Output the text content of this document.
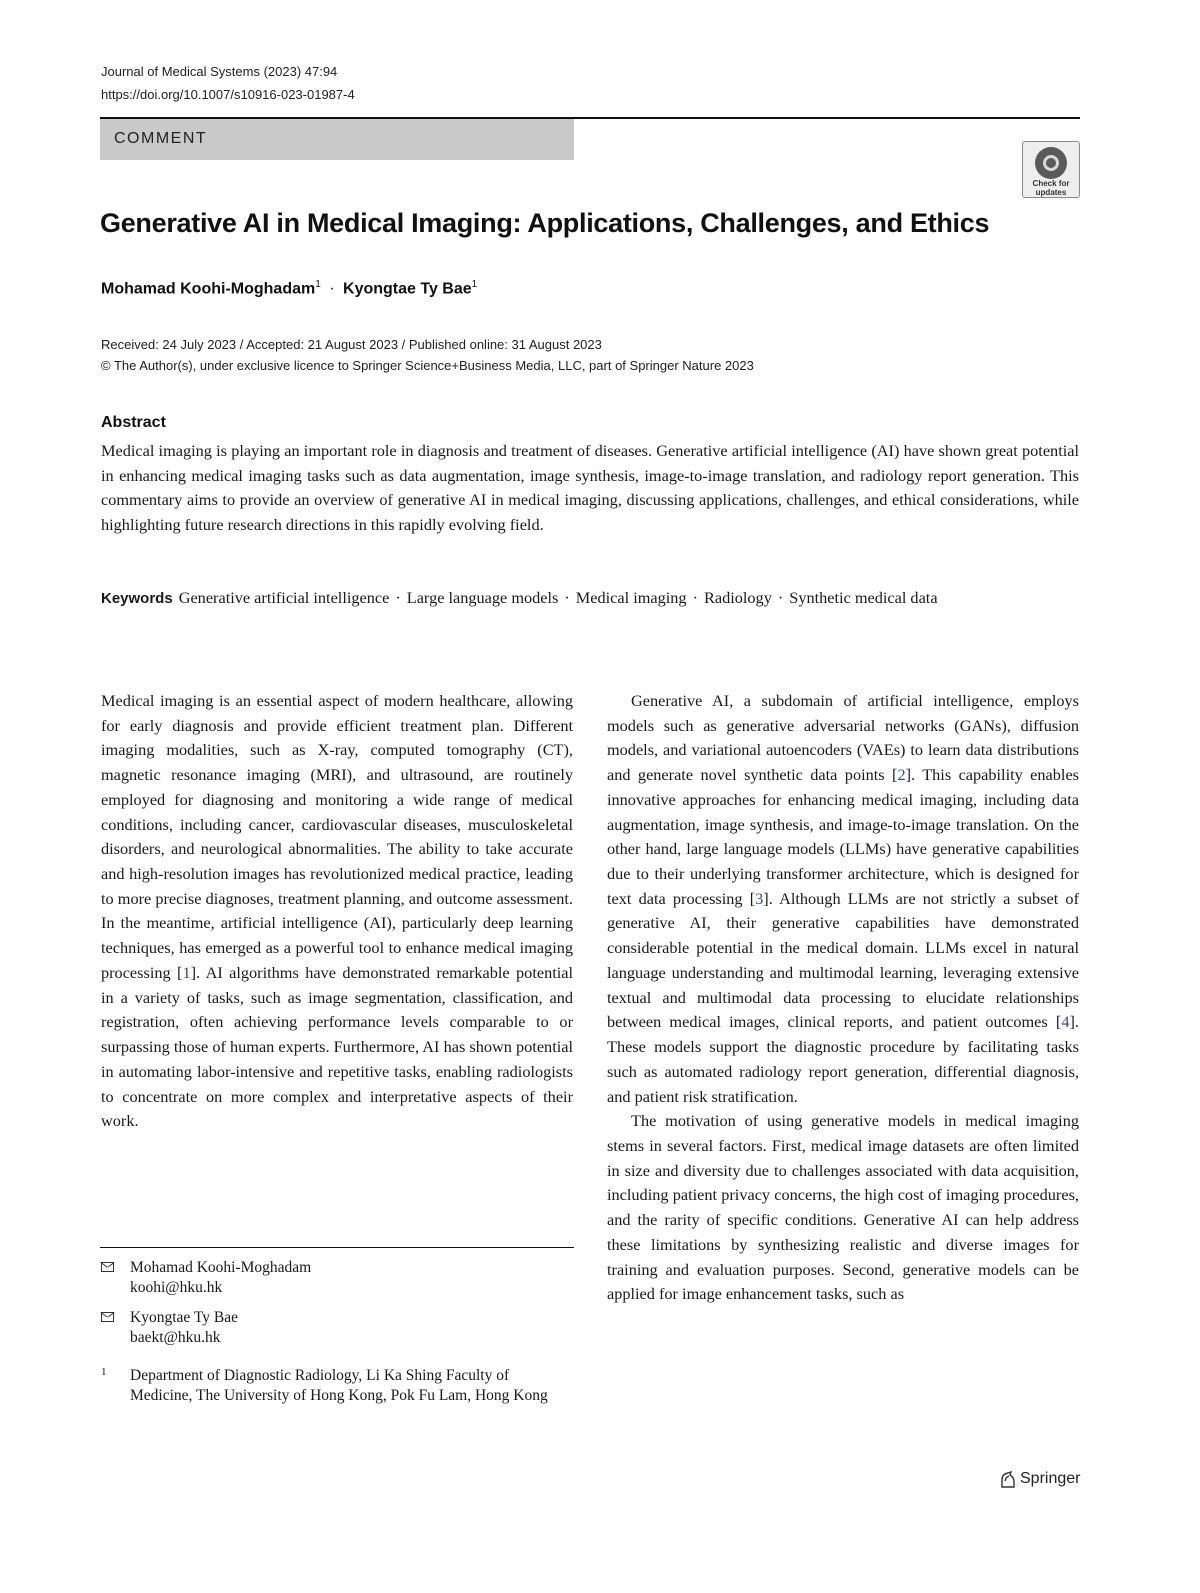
Journal of Medical Systems (2023) 47:94
https://doi.org/10.1007/s10916-023-01987-4
COMMENT
Check for
updates
Generative AI in Medical Imaging: Applications, Challenges, and Ethics
Mohamad Koohi-Moghadam$^1$ · Kyongtae Ty Bae$^1$
Received: 24 July 2023 / Accepted: 21 August 2023 / Published online: 31 August 2023
© The Author(s), under exclusive licence to Springer Science+Business Media, LLC, part of Springer Nature 2023
Abstract

Medical imaging is playing an important role in diagnosis and treatment of diseases. Generative artificial intelligence (AI) have shown great potential in enhancing medical imaging tasks such as data augmentation, image synthesis, image-to-image translation, and radiology report generation. This commentary aims to provide an overview of generative AI in medical imaging, discussing applications, challenges, and ethical considerations, while highlighting future research directions in this rapidly evolving field.

Keywords Generative artificial intelligence · Large language models · Medical imaging · Radiology · Synthetic medical data

Medical imaging is an essential aspect of modern healthcare, allowing for early diagnosis and provide efficient treatment plan. Different imaging modalities, such as X-ray, computed tomography (CT), magnetic resonance imaging (MRI), and ultrasound, are routinely employed for diagnosing and monitoring a wide range of medical conditions, including cancer, cardiovascular diseases, musculoskeletal disorders, and neurological abnormalities. The ability to take accurate and high-resolution images has revolutionized medical practice, leading to more precise diagnoses, treatment planning, and outcome assessment. In the meantime, artificial intelligence (AI), particularly deep learning techniques, has emerged as a powerful tool to enhance medical imaging processing [1]. AI algorithms have demonstrated remarkable potential in a variety of tasks, such as image segmentation, classification, and registration, often achieving performance levels comparable to or surpassing those of human experts. Furthermore, AI has shown potential in automating labor-intensive and repetitive tasks, enabling radiologists to concentrate on more complex and interpretative aspects of their work.

Generative AI, a subdomain of artificial intelligence, employs models such as generative adversarial networks (GANs), diffusion models, and variational autoencoders (VAEs) to learn data distributions and generate novel synthetic data points [2]. This capability enables innovative approaches for enhancing medical imaging, including data augmentation, image synthesis, and image-to-image translation. On the other hand, large language models (LLMs) have generative capabilities due to their underlying transformer architecture, which is designed for text data processing [3]. Although LLMs are not strictly a subset of generative AI, their generative capabilities have demonstrated considerable potential in the medical domain. LLMs excel in natural language understanding and multimodal learning, leveraging extensive textual and multimodal data processing to elucidate relationships between medical images, clinical reports, and patient outcomes [4]. These models support the diagnostic procedure by facilitating tasks such as automated radiology report generation, differential diagnosis, and patient risk stratification.

The motivation of using generative models in medical imaging stems in several factors. First, medical image datasets are often limited in size and diversity due to challenges associated with data acquisition, including patient privacy concerns, the high cost of imaging procedures, and the rarity of specific conditions. Generative AI can help address these limitations by synthesizing realistic and diverse images for training and evaluation purposes. Second, generative models can be applied for image enhancement tasks, such as

Mohamad Koohi-Moghadam
koohi@hku.hk
Kyongtae Ty Bae
baekt@hku.hk
1 Department of Diagnostic Radiology, Li Ka Shing Faculty of Medicine, The University of Hong Kong, Pok Fu Lam, Hong Kong
Springer
